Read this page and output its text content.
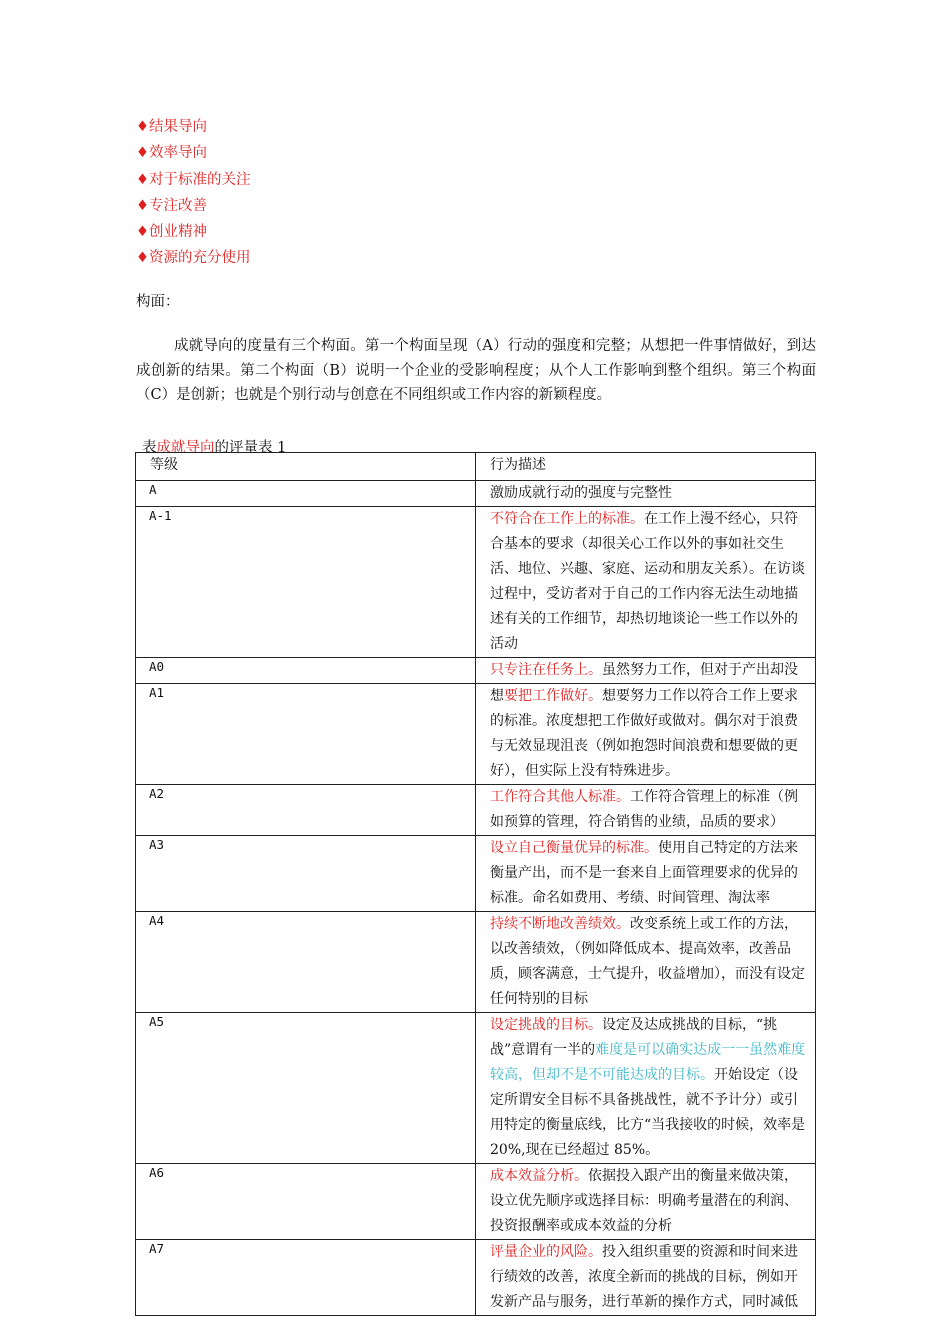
♦结果导向
♦效率导向
♦对于标准的关注
♦专注改善
♦创业精神
♦资源的充分使用
构面：

成就导向的度量有三个构面。第一个构面呈现（A）行动的强度和完整；从想把一件事情做好，到达成创新的结果。第二个构面（B）说明一个企业的受影响程度；从个人工作影响到整个组织。第三个构面（C）是创新；也就是个别行动与创意在不同组织或工作内容的新颖程度。

表成就导向的评量表 1
等级	行为描述
A	激励成就行动的强度与完整性
A-1	不符合在工作上的标准。在工作上漫不经心，只符合基本的要求（却很关心工作以外的事如社交生活、地位、兴趣、家庭、运动和朋友关系）。在访谈过程中，受访者对于自己的工作内容无法生动地描述有关的工作细节，却热切地谈论一些工作以外的活动
A0	只专注在任务上。虽然努力工作，但对于产出却没

A1	想要把工作做好。想要努力工作以符合工作上要求的标准。浓度想把工作做好或做对。偶尔对于浪费与无效显现沮丧（例如抱怨时间浪费和想要做的更好），但实际上没有特殊进步。
A2	工作符合其他人标准。工作符合管理上的标准（例如预算的管理，符合销售的业绩，品质的要求）
A3	设立自己衡量优异的标准。使用自己特定的方法来衡量产出，而不是一套来自上面管理要求的优异的标准。命名如费用、考绩、时间管理、淘汰率

A4	持续不断地改善绩效。改变系统上或工作的方法，以改善绩效，（例如降低成本、提高效率，改善品质，顾客满意，士气提升，收益增加），而没有设定任何特别的目标
A5	设定挑战的目标。设定及达成挑战的目标，“挑战”意谓有一半的难度是可以确实达成一一虽然难度较高，但却不是不可能达成的目标。开始设定（设定所谓安全目标不具备挑战性，就不予计分）或引用特定的衡量底线，比方“当我接收的时候，效率是 20%,现在已经超过 85%。
A6	成本效益分析。依据投入跟产出的衡量来做决策，设立优先顺序或选择目标：明确考量潜在的利润、投资报酬率或成本效益的分析
A7	评量企业的风险。投入组织重要的资源和时间来进行绩效的改善，浓度全新而的挑战的目标，例如开发新产品与服务，进行革新的操作方式，同时减低
